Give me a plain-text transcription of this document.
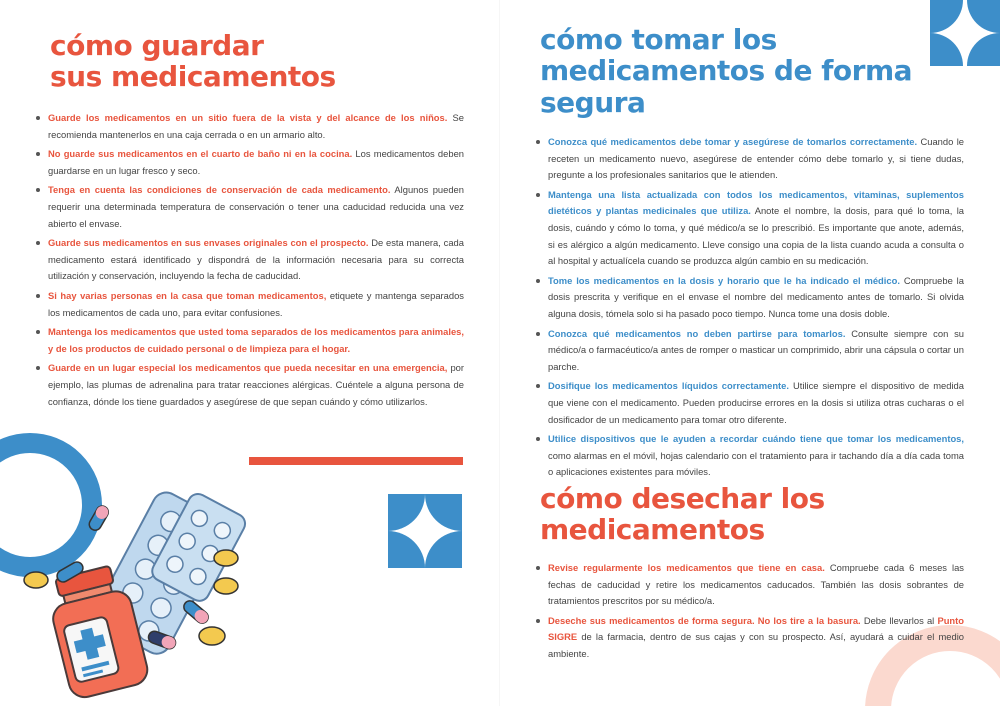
cómo guardar
sus medicamentos
Guarde los medicamentos en un sitio fuera de la vista y del alcance de los niños. Se recomienda mantenerlos en una caja cerrada o en un armario alto.
No guarde sus medicamentos en el cuarto de baño ni en la cocina. Los medicamentos deben guardarse en un lugar fresco y seco.
Tenga en cuenta las condiciones de conservación de cada medicamento. Algunos pueden requerir una determinada temperatura de conservación o tener una caducidad reducida una vez abierto el envase.
Guarde sus medicamentos en sus envases originales con el prospecto. De esta manera, cada medicamento estará identificado y dispondrá de la información necesaria para su correcta utilización y conservación, incluyendo la fecha de caducidad.
Si hay varias personas en la casa que toman medicamentos, etiquete y mantenga separados los medicamentos de cada uno, para evitar confusiones.
Mantenga los medicamentos que usted toma separados de los medicamentos para animales, y de los productos de cuidado personal o de limpieza para el hogar.
Guarde en un lugar especial los medicamentos que pueda necesitar en una emergencia, por ejemplo, las plumas de adrenalina para tratar reacciones alérgicas. Cuéntele a alguna persona de confianza, dónde los tiene guardados y asegúrese de que sepan cuándo y cómo utilizarlos.
cómo tomar los
medicamentos de forma
segura
Conozca qué medicamentos debe tomar y asegúrese de tomarlos correctamente. Cuando le receten un medicamento nuevo, asegúrese de entender cómo debe tomarlo y, si tiene dudas, pregunte a los profesionales sanitarios que le atienden.
Mantenga una lista actualizada con todos los medicamentos, vitaminas, suplementos dietéticos y plantas medicinales que utiliza. Anote el nombre, la dosis, para qué lo toma, la dosis, cuándo y cómo lo toma, y qué médico/a se lo prescribió. Es importante que anote, además, si es alérgico a algún medicamento. Lleve consigo una copia de la lista cuando acuda a consulta o al hospital y actualícela cuando se produzca algún cambio en su medicación.
Tome los medicamentos en la dosis y horario que le ha indicado el médico. Compruebe la dosis prescrita y verifique en el envase el nombre del medicamento antes de tomarlo. Si olvida alguna dosis, tómela solo si ha pasado poco tiempo. Nunca tome una dosis doble.
Conozca qué medicamentos no deben partirse para tomarlos. Consulte siempre con su médico/a o farmacéutico/a antes de romper o masticar un comprimido, abrir una cápsula o cortar un parche.
Dosifique los medicamentos líquidos correctamente. Utilice siempre el dispositivo de medida que viene con el medicamento. Pueden producirse errores en la dosis si utiliza otras cucharas o el dosificador de un medicamento para tomar otro diferente.
Utilice dispositivos que le ayuden a recordar cuándo tiene que tomar los medicamentos, como alarmas en el móvil, hojas calendario con el tratamiento para ir tachando día a día cada toma o aplicaciones existentes para móviles.
cómo desechar los
medicamentos
Revise regularmente los medicamentos que tiene en casa. Compruebe cada 6 meses las fechas de caducidad y retire los medicamentos caducados. También las dosis sobrantes de tratamientos prescritos por su médico/a.
Deseche sus medicamentos de forma segura. No los tire a la basura. Debe llevarlos al Punto SIGRE de la farmacia, dentro de sus cajas y con su prospecto. Así, ayudará a cuidar el medio ambiente.
